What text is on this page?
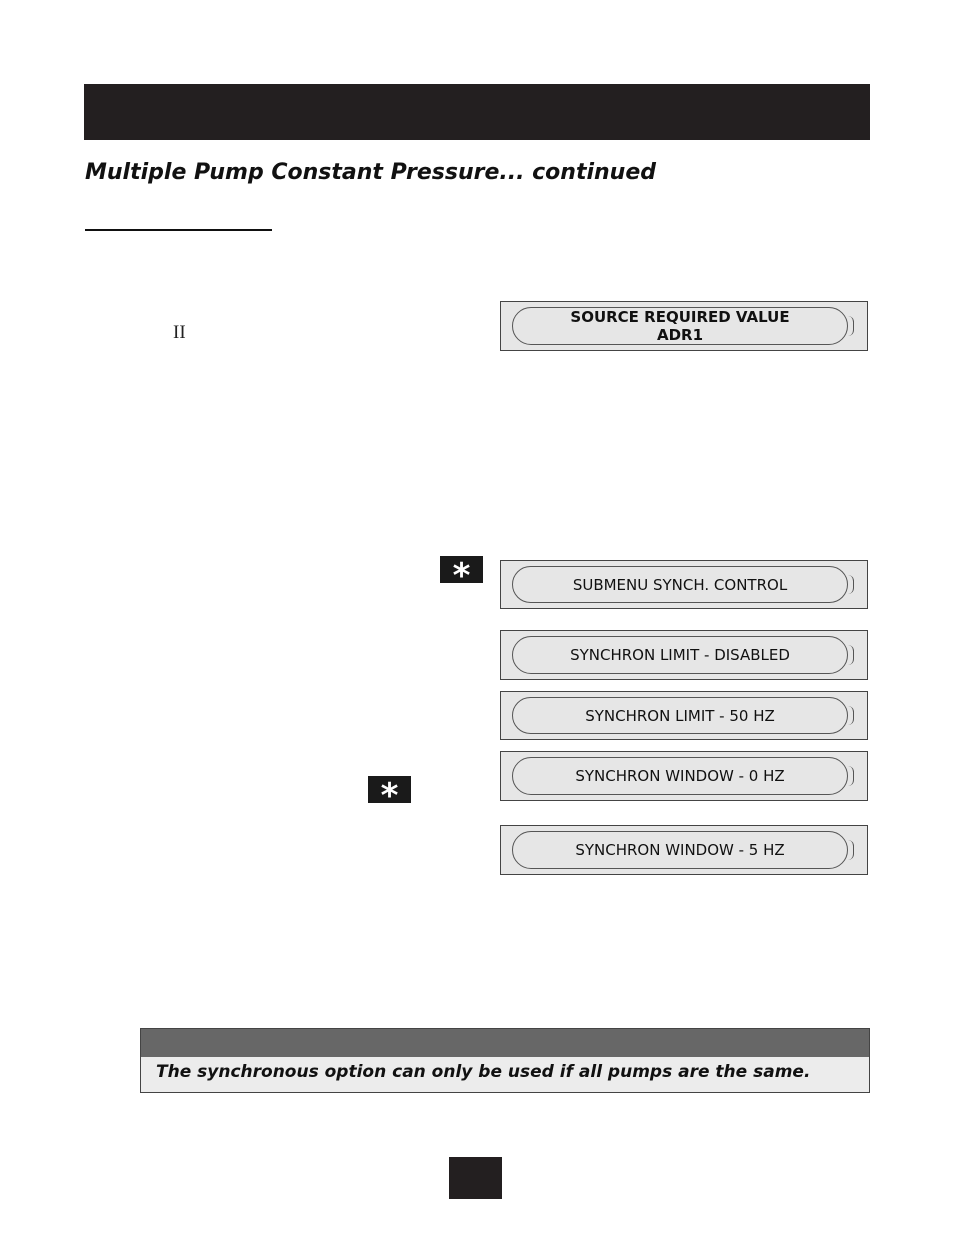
Multiple Pump Constant Pressure... continued
II
SOURCE REQUIRED VALUE
ADR1
*	SUBMENU SYNCH. CONTROL
SYNCHRON LIMIT - DISABLED
SYNCHRON LIMIT - 50 HZ
SYNCHRON WINDOW - 0 HZ
*
SYNCHRON WINDOW - 5 HZ
The synchronous option can only be used if all pumps are the same.
